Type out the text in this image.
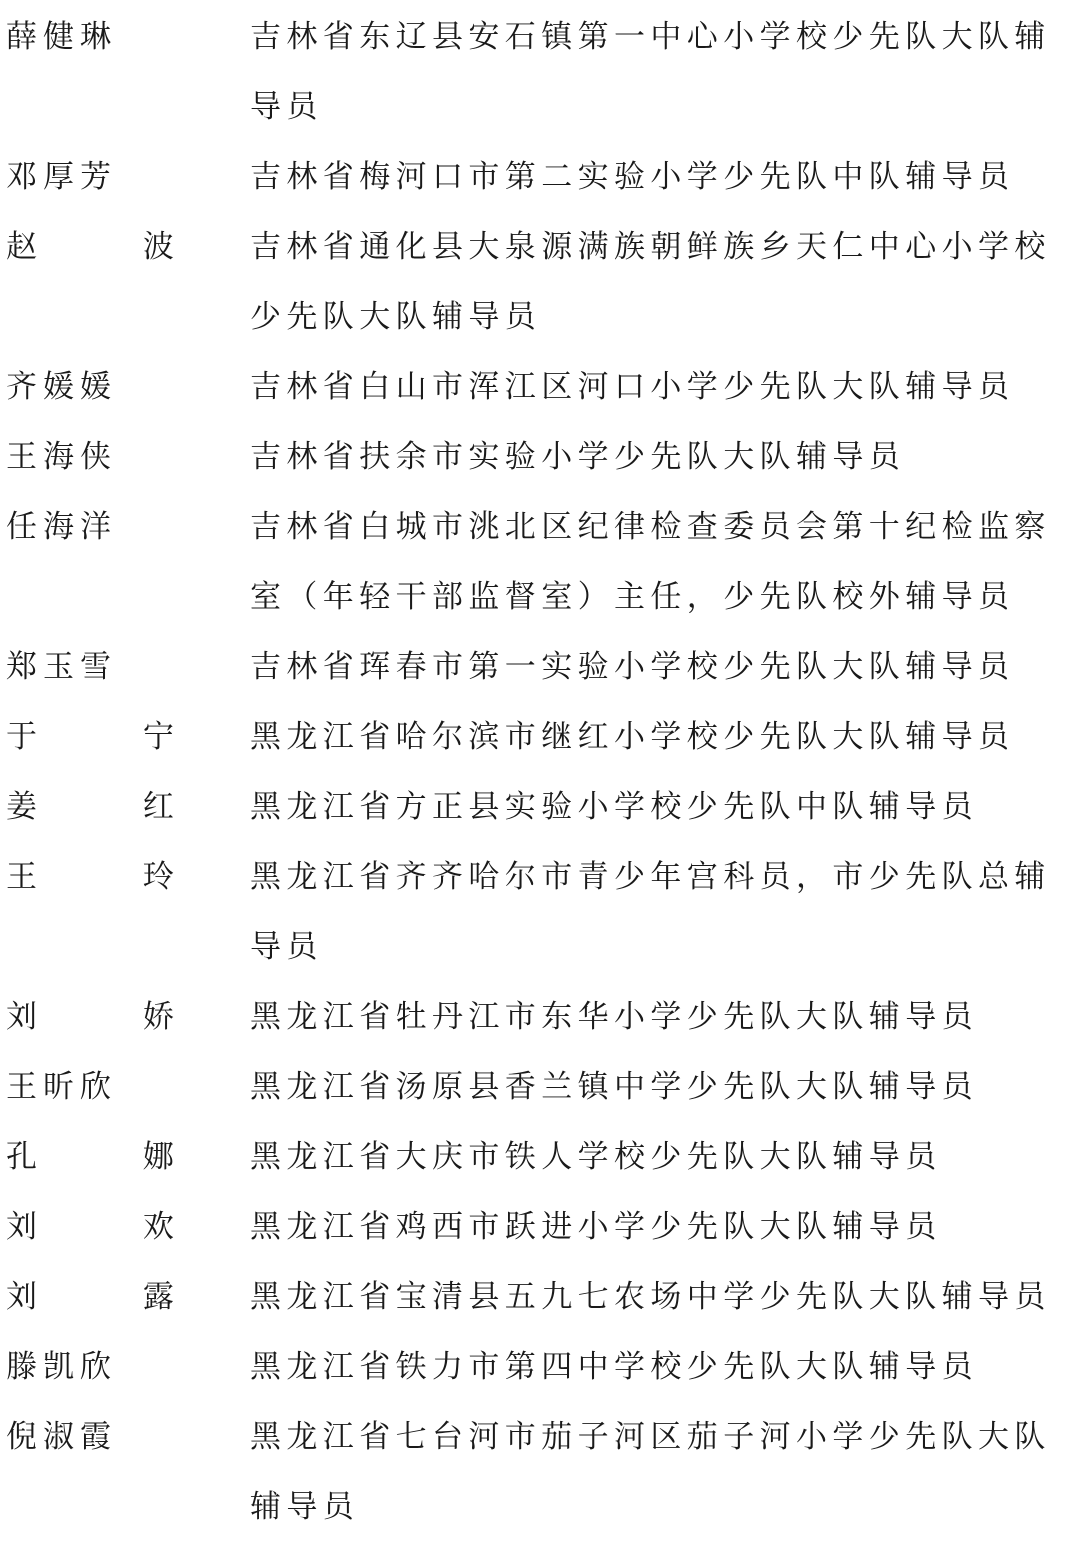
薛健琳	吉林省东辽县安石镇第一中心小学校少先队大队辅导员
邓厚芳	吉林省梅河口市第二实验小学少先队中队辅导员
赵 波 吉林省通化县大泉源满族朝鲜族乡天仁中心小学校少先队大队辅导员
齐媛媛	吉林省白山市浑江区河口小学少先队大队辅导员
王海侠	吉林省扶余市实验小学少先队大队辅导员
任海洋	吉林省白城市洮北区纪律检查委员会第十纪检监察室（年轻干部监督室）主任，少先队校外辅导员
郑玉雪	吉林省珲春市第一实验小学校少先队大队辅导员
于 宁 黑龙江省哈尔滨市继红小学校少先队大队辅导员
姜 红 黑龙江省方正县实验小学校少先队中队辅导员
王 玲 黑龙江省齐齐哈尔市青少年宫科员，市少先队总辅导员
刘 娇 黑龙江省牡丹江市东华小学少先队大队辅导员
王昕欣	黑龙江省汤原县香兰镇中学少先队大队辅导员
孔 娜 黑龙江省大庆市铁人学校少先队大队辅导员
刘 欢 黑龙江省鸡西市跃进小学少先队大队辅导员
刘 露 黑龙江省宝清县五九七农场中学少先队大队辅导员
滕凯欣	黑龙江省铁力市第四中学校少先队大队辅导员
倪淑霞	黑龙江省七台河市茄子河区茄子河小学少先队大队辅导员
